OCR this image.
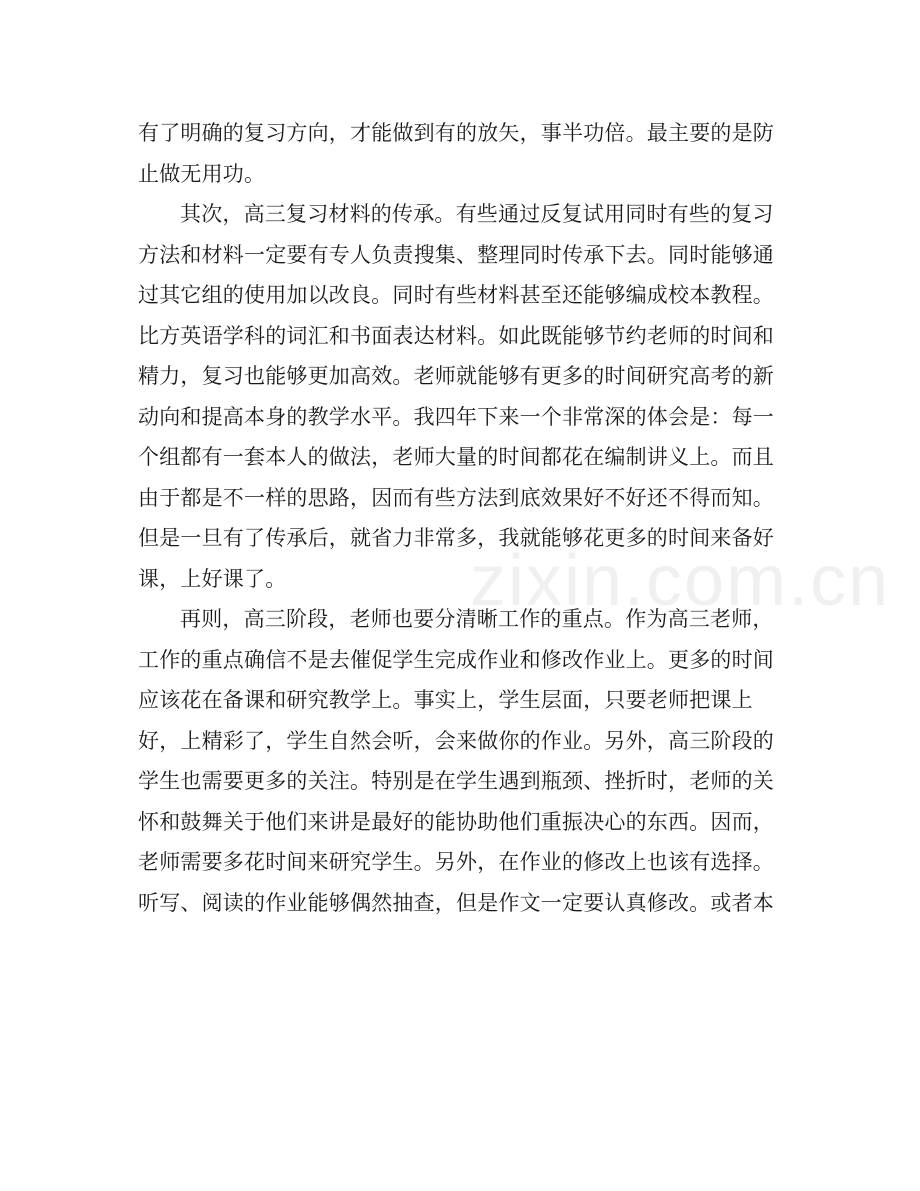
有了明确的复习方向，才能做到有的放矢，事半功倍。最主要的是防
止做无用功。
其次，高三复习材料的传承。有些通过反复试用同时有些的复习
方法和材料一定要有专人负责搜集、整理同时传承下去。同时能够通
过其它组的使用加以改良。同时有些材料甚至还能够编成校本教程。
比方英语学科的词汇和书面表达材料。如此既能够节约老师的时间和
精力，复习也能够更加高效。老师就能够有更多的时间研究高考的新
动向和提高本身的教学水平。我四年下来一个非常深的体会是：每一
个组都有一套本人的做法，老师大量的时间都花在编制讲义上。而且
由于都是不一样的思路，因而有些方法到底效果好不好还不得而知。
但是一旦有了传承后，就省力非常多，我就能够花更多的时间来备好
课，上好课了。
再则，高三阶段，老师也要分清晰工作的重点。作为高三老师，
工作的重点确信不是去催促学生完成作业和修改作业上。更多的时间
应该花在备课和研究教学上。事实上，学生层面，只要老师把课上
好，上精彩了，学生自然会听，会来做你的作业。另外，高三阶段的
学生也需要更多的关注。特别是在学生遇到瓶颈、挫折时，老师的关
怀和鼓舞关于他们来讲是最好的能协助他们重振决心的东西。因而，
老师需要多花时间来研究学生。另外，在作业的修改上也该有选择。
听写、阅读的作业能够偶然抽查，但是作文一定要认真修改。或者本
zixin.com.cn
